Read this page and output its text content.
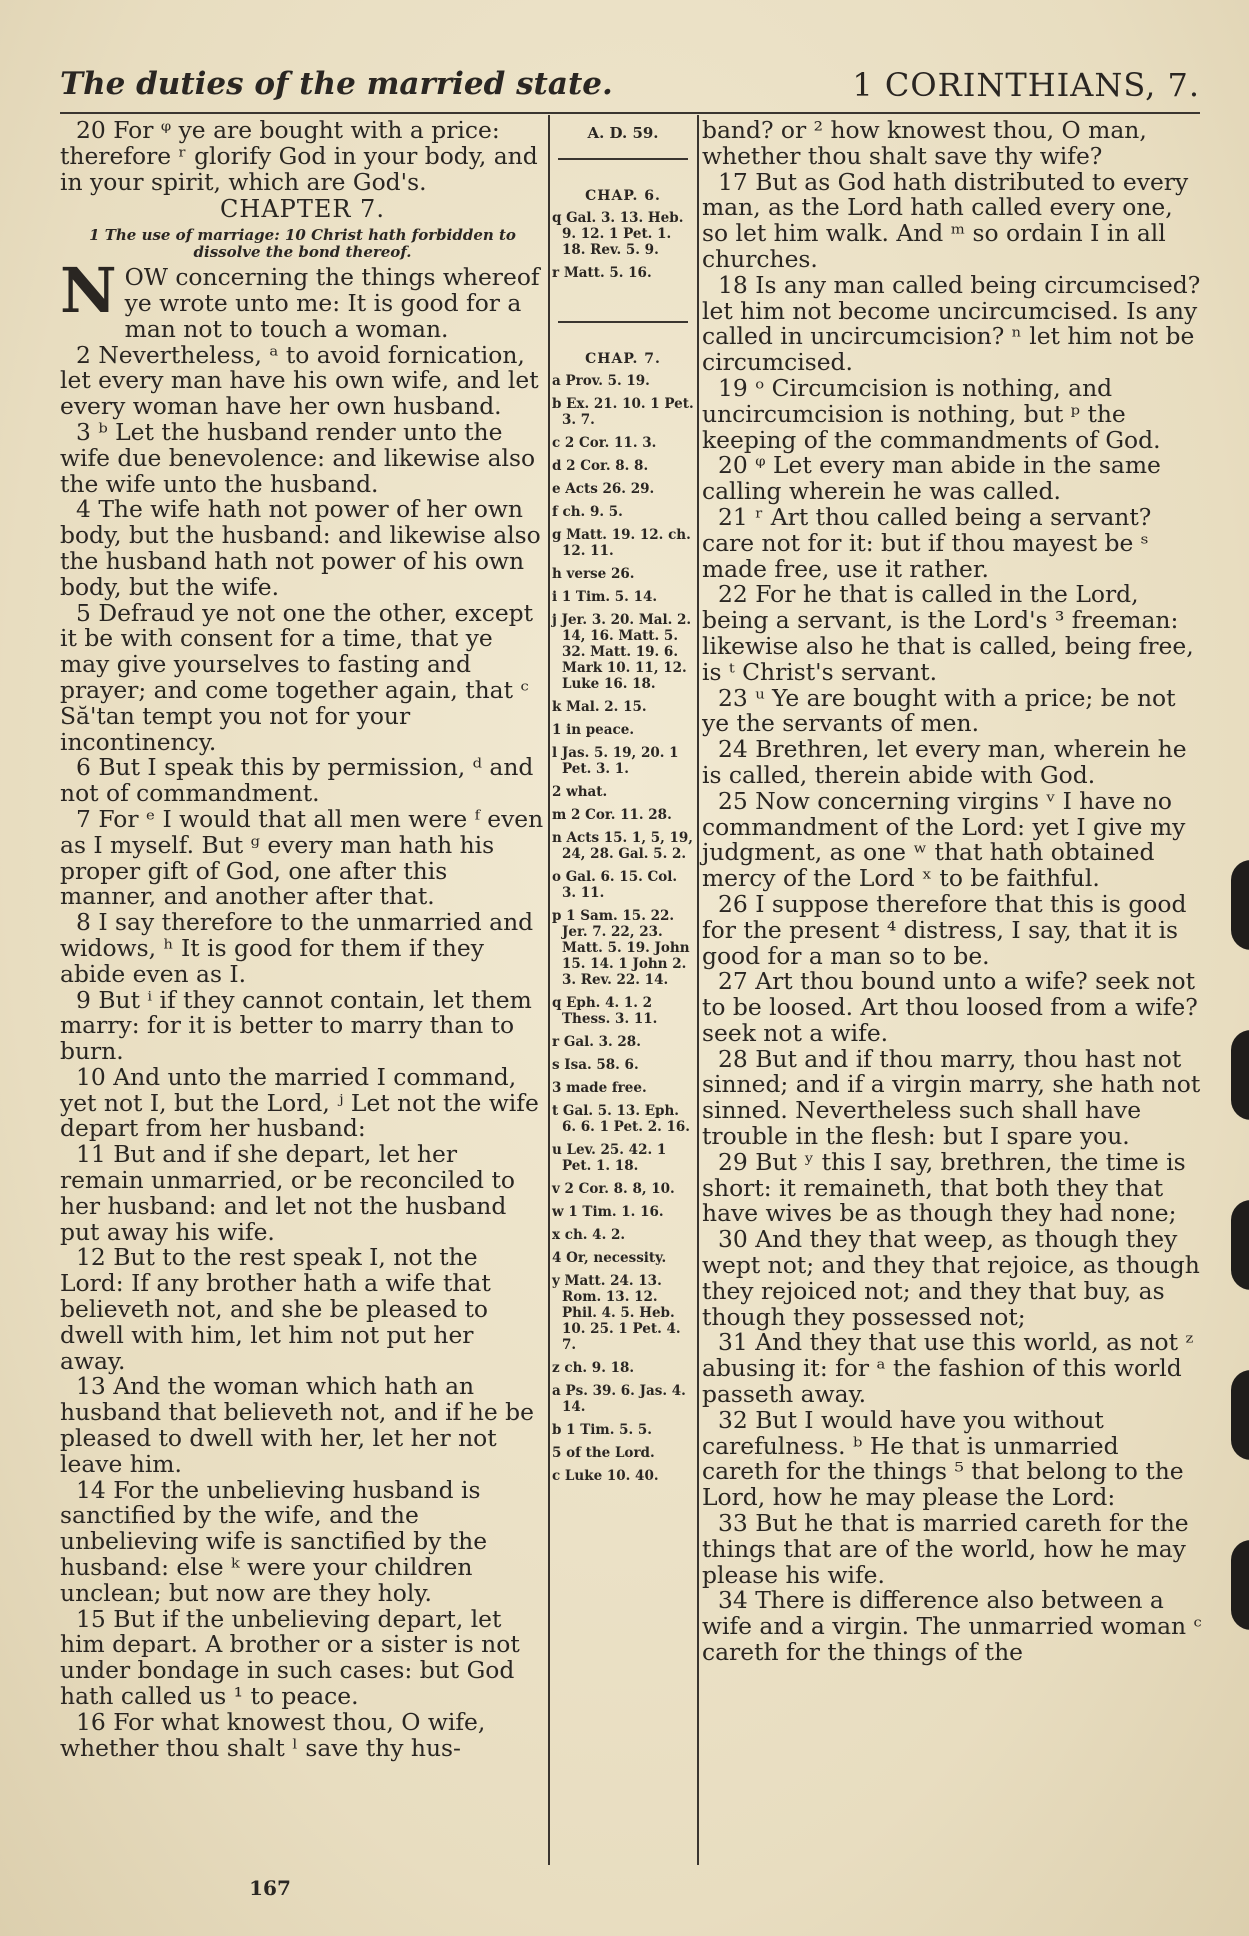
The duties of the married state.	1 CORINTHIANS, 7.

20 For ᵠ ye are bought with a price: therefore ʳ glorify God in your body, and in your spirit, which are God's.

CHAPTER 7.
1 The use of marriage: 10 Christ hath forbidden to dissolve the bond thereof.

NOW concerning the things whereof ye wrote unto me: It is good for a man not to touch a woman.

2 Nevertheless, ᵃ to avoid fornication, let every man have his own wife, and let every woman have her own husband.

3 ᵇ Let the husband render unto the wife due benevolence: and likewise also the wife unto the husband.

4 The wife hath not power of her own body, but the husband: and likewise also the husband hath not power of his own body, but the wife.

5 Defraud ye not one the other, except it be with consent for a time, that ye may give yourselves to fasting and prayer; and come together again, that ᶜ Să'tan tempt you not for your incontinency.

6 But I speak this by permission, ᵈ and not of commandment.

7 For ᵉ I would that all men were ᶠ even as I myself. But ᵍ every man hath his proper gift of God, one after this manner, and another after that.

8 I say therefore to the unmarried and widows, ʰ It is good for them if they abide even as I.

9 But ⁱ if they cannot contain, let them marry: for it is better to marry than to burn.

10 And unto the married I command, yet not I, but the Lord, ʲ Let not the wife depart from her husband:

11 But and if she depart, let her remain unmarried, or be reconciled to her husband: and let not the husband put away his wife.

12 But to the rest speak I, not the Lord: If any brother hath a wife that believeth not, and she be pleased to dwell with him, let him not put her away.

13 And the woman which hath an husband that believeth not, and if he be pleased to dwell with her, let her not leave him.

14 For the unbelieving husband is sanctified by the wife, and the unbelieving wife is sanctified by the husband: else ᵏ were your children unclean; but now are they holy.

15 But if the unbelieving depart, let him depart. A brother or a sister is not under bondage in such cases: but God hath called us ¹ to peace.

16 For what knowest thou, O wife, whether thou shalt ˡ save thy hus-

A. D. 59.
CHAP. 6.
q Gal. 3. 13. Heb. 9. 12. 1 Pet. 1. 18. Rev. 5. 9.
r Matt. 5. 16.
CHAP. 7.
a Prov. 5. 19.
b Ex. 21. 10. 1 Pet. 3. 7.
c 2 Cor. 11. 3.
d 2 Cor. 8. 8.
e Acts 26. 29.
f ch. 9. 5.
g Matt. 19. 12. ch. 12. 11.
h verse 26.
i 1 Tim. 5. 14.
j Jer. 3. 20. Mal. 2. 14, 16. Matt. 5. 32. Matt. 19. 6. Mark 10. 11, 12. Luke 16. 18.
k Mal. 2. 15.
1 in peace.
l Jas. 5. 19, 20. 1 Pet. 3. 1.
2 what.
m 2 Cor. 11. 28.
n Acts 15. 1, 5, 19, 24, 28. Gal. 5. 2.
o Gal. 6. 15. Col. 3. 11.
p 1 Sam. 15. 22. Jer. 7. 22, 23. Matt. 5. 19. John 15. 14. 1 John 2. 3. Rev. 22. 14.
q Eph. 4. 1. 2 Thess. 3. 11.
r Gal. 3. 28.
s Isa. 58. 6.
3 made free.
t Gal. 5. 13. Eph. 6. 6. 1 Pet. 2. 16.
u Lev. 25. 42. 1 Pet. 1. 18.
v 2 Cor. 8. 8, 10.
w 1 Tim. 1. 16.
x ch. 4. 2.
4 Or, necessity.
y Matt. 24. 13. Rom. 13. 12. Phil. 4. 5. Heb. 10. 25. 1 Pet. 4. 7.
z ch. 9. 18.
a Ps. 39. 6. Jas. 4. 14.
b 1 Tim. 5. 5.
5 of the Lord.
c Luke 10. 40.

band? or ² how knowest thou, O man, whether thou shalt save thy wife?

17 But as God hath distributed to every man, as the Lord hath called every one, so let him walk. And ᵐ so ordain I in all churches.

18 Is any man called being circumcised? let him not become uncircumcised. Is any called in uncircumcision? ⁿ let him not be circumcised.

19 ᵒ Circumcision is nothing, and uncircumcision is nothing, but ᵖ the keeping of the commandments of God.

20 ᵠ Let every man abide in the same calling wherein he was called.

21 ʳ Art thou called being a servant? care not for it: but if thou mayest be ˢ made free, use it rather.

22 For he that is called in the Lord, being a servant, is the Lord's ³ freeman: likewise also he that is called, being free, is ᵗ Christ's servant.

23 ᵘ Ye are bought with a price; be not ye the servants of men.

24 Brethren, let every man, wherein he is called, therein abide with God.

25 Now concerning virgins ᵛ I have no commandment of the Lord: yet I give my judgment, as one ʷ that hath obtained mercy of the Lord ˣ to be faithful.

26 I suppose therefore that this is good for the present ⁴ distress, I say, that it is good for a man so to be.

27 Art thou bound unto a wife? seek not to be loosed. Art thou loosed from a wife? seek not a wife.

28 But and if thou marry, thou hast not sinned; and if a virgin marry, she hath not sinned. Nevertheless such shall have trouble in the flesh: but I spare you.

29 But ʸ this I say, brethren, the time is short: it remaineth, that both they that have wives be as though they had none;

30 And they that weep, as though they wept not; and they that rejoice, as though they rejoiced not; and they that buy, as though they possessed not;

31 And they that use this world, as not ᶻ abusing it: for ᵃ the fashion of this world passeth away.

32 But I would have you without carefulness. ᵇ He that is unmarried careth for the things ⁵ that belong to the Lord, how he may please the Lord:

33 But he that is married careth for the things that are of the world, how he may please his wife.

34 There is difference also between a wife and a virgin. The unmarried woman ᶜ careth for the things of the

167
